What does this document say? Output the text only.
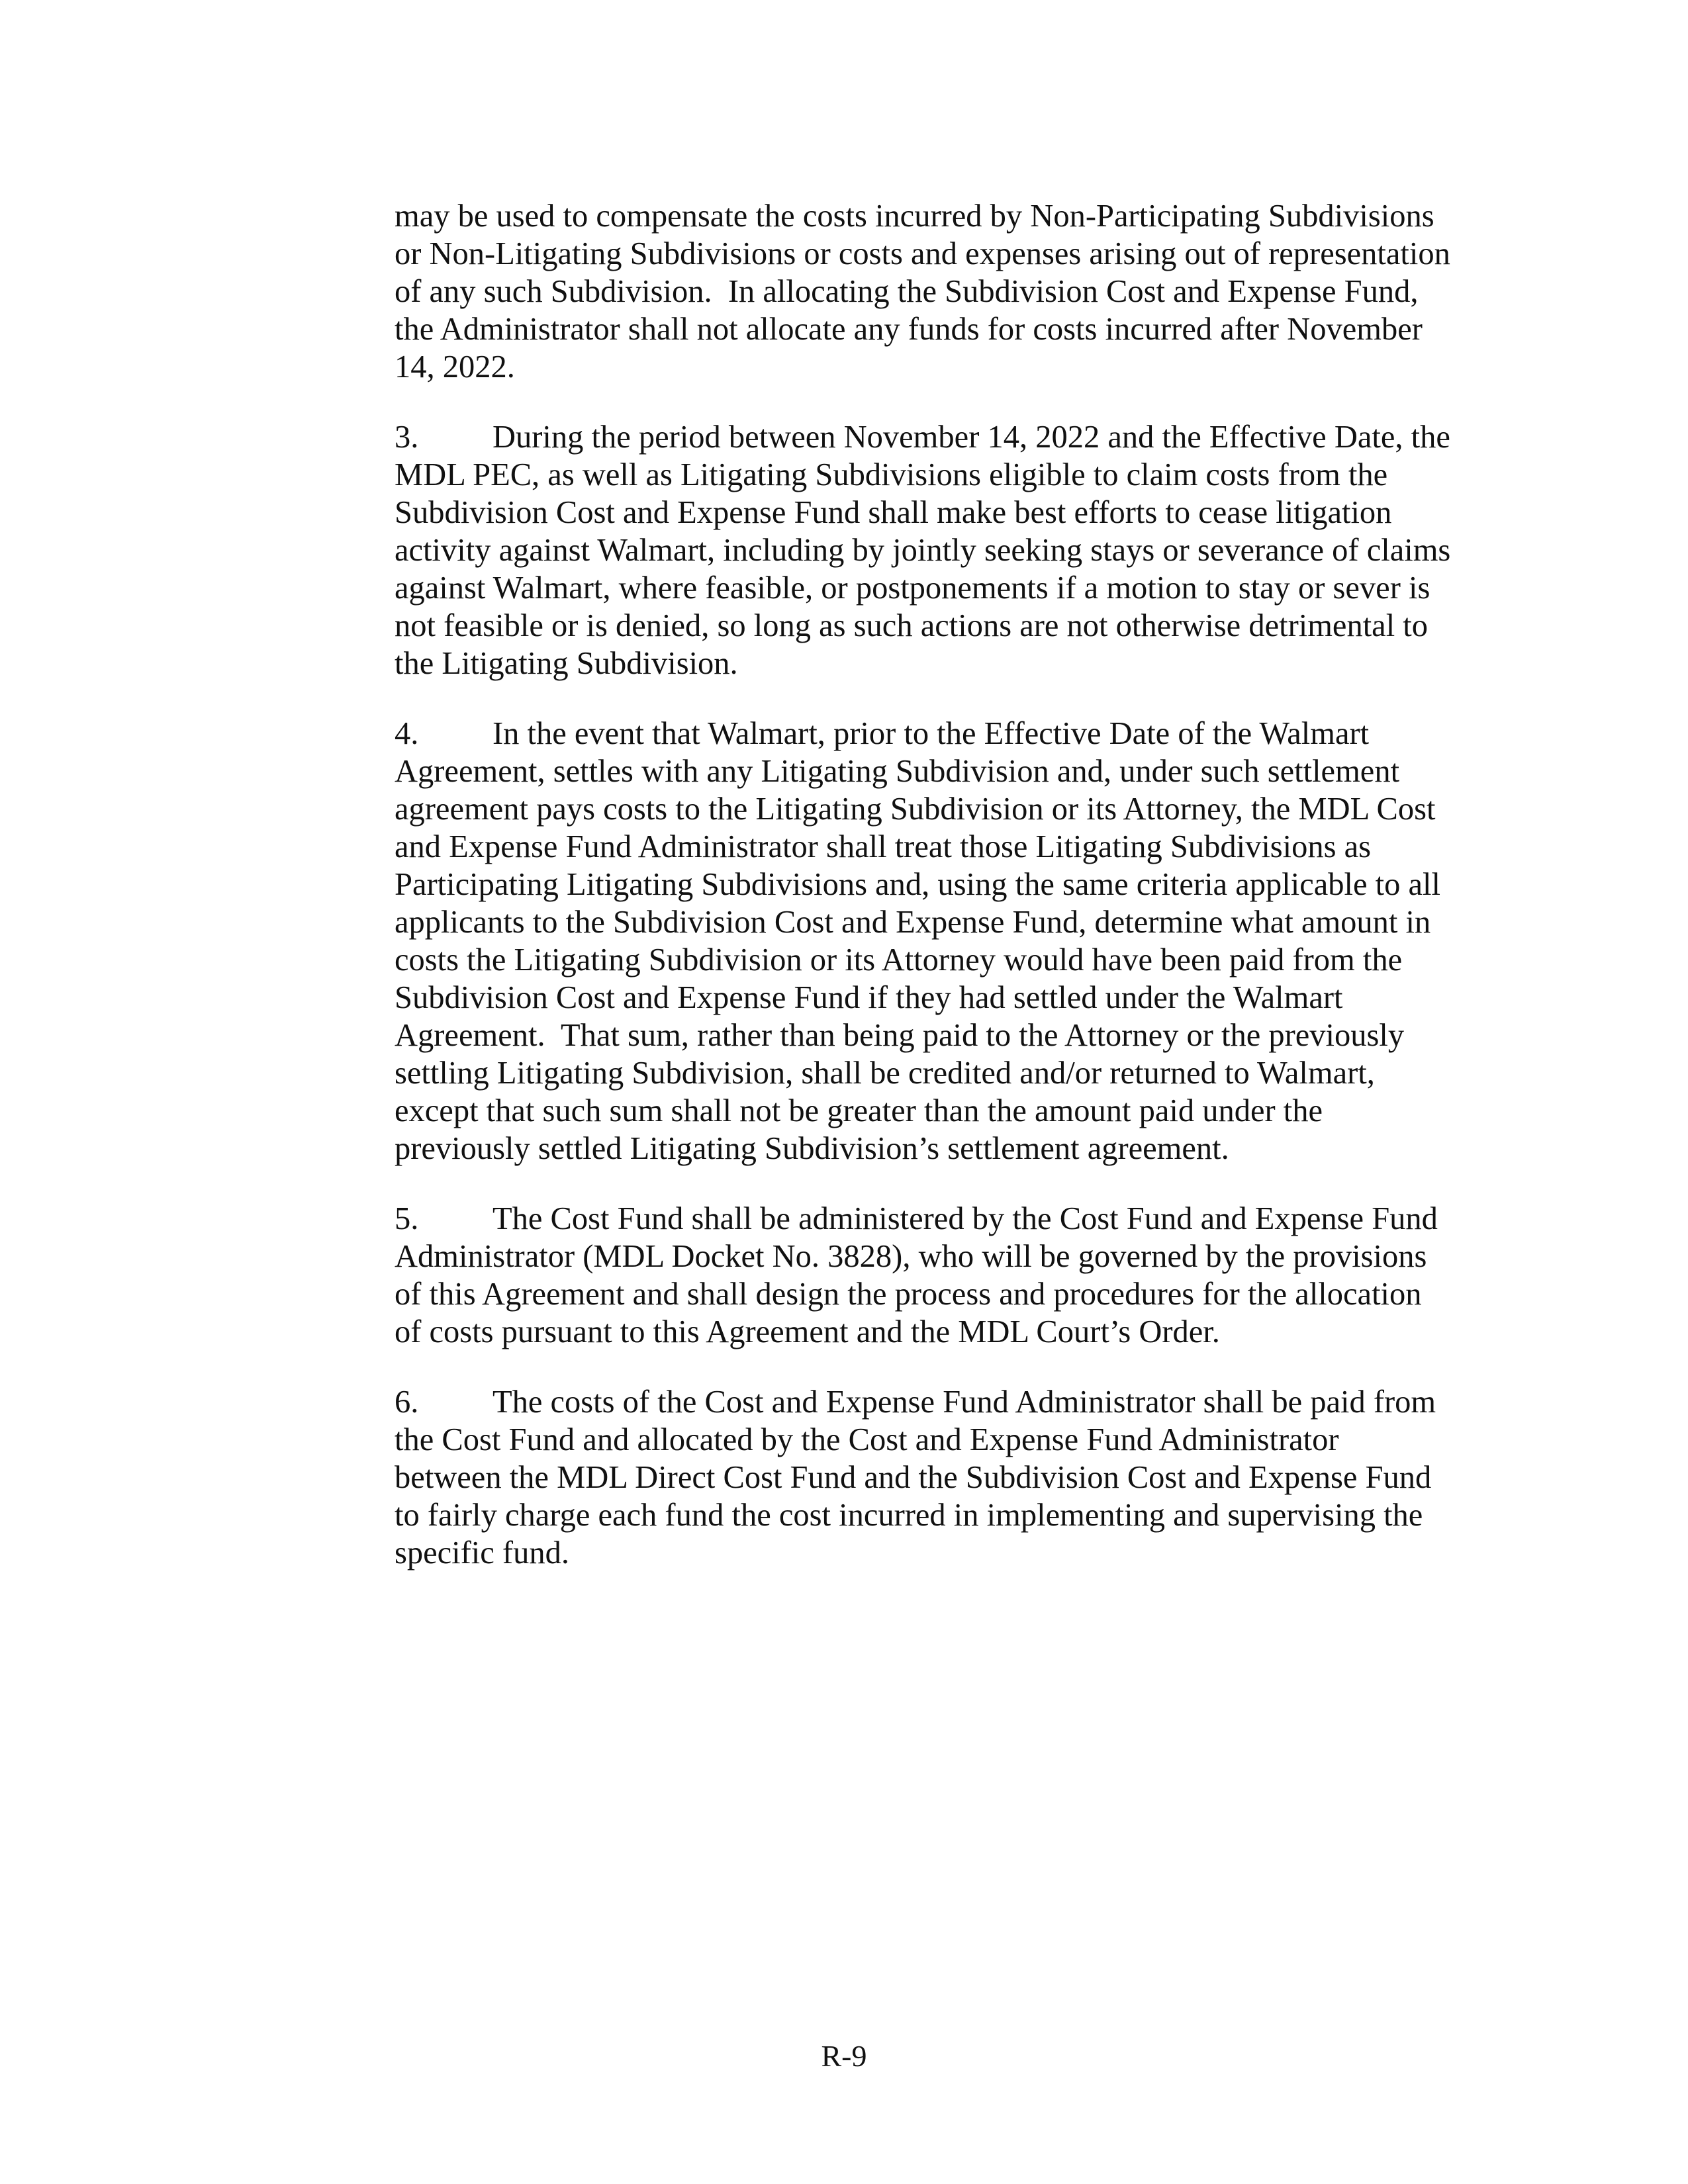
may be used to compensate the costs incurred by Non-Participating Subdivisions
or Non-Litigating Subdivisions or costs and expenses arising out of representation
of any such Subdivision.  In allocating the Subdivision Cost and Expense Fund,
the Administrator shall not allocate any funds for costs incurred after November
14, 2022.

3. During the period between November 14, 2022 and the Effective Date, the
MDL PEC, as well as Litigating Subdivisions eligible to claim costs from the
Subdivision Cost and Expense Fund shall make best efforts to cease litigation
activity against Walmart, including by jointly seeking stays or severance of claims
against Walmart, where feasible, or postponements if a motion to stay or sever is
not feasible or is denied, so long as such actions are not otherwise detrimental to
the Litigating Subdivision.

4. In the event that Walmart, prior to the Effective Date of the Walmart
Agreement, settles with any Litigating Subdivision and, under such settlement
agreement pays costs to the Litigating Subdivision or its Attorney, the MDL Cost
and Expense Fund Administrator shall treat those Litigating Subdivisions as
Participating Litigating Subdivisions and, using the same criteria applicable to all
applicants to the Subdivision Cost and Expense Fund, determine what amount in
costs the Litigating Subdivision or its Attorney would have been paid from the
Subdivision Cost and Expense Fund if they had settled under the Walmart
Agreement.  That sum, rather than being paid to the Attorney or the previously
settling Litigating Subdivision, shall be credited and/or returned to Walmart,
except that such sum shall not be greater than the amount paid under the
previously settled Litigating Subdivision’s settlement agreement.

5. The Cost Fund shall be administered by the Cost Fund and Expense Fund
Administrator (MDL Docket No. 3828), who will be governed by the provisions
of this Agreement and shall design the process and procedures for the allocation
of costs pursuant to this Agreement and the MDL Court’s Order.

6. The costs of the Cost and Expense Fund Administrator shall be paid from
the Cost Fund and allocated by the Cost and Expense Fund Administrator
between the MDL Direct Cost Fund and the Subdivision Cost and Expense Fund
to fairly charge each fund the cost incurred in implementing and supervising the
specific fund.

R-9
